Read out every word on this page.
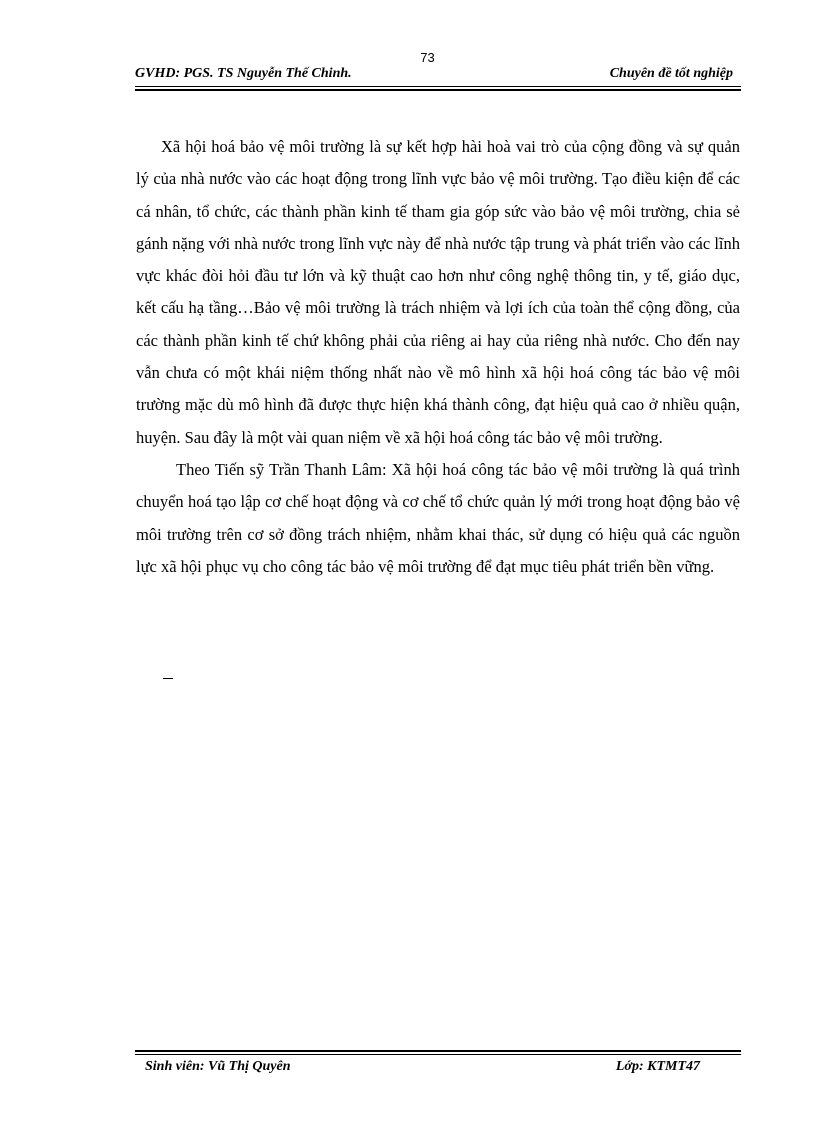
73
GVHD: PGS. TS Nguyễn Thế Chinh.	Chuyên đề tốt nghiệp

Xã hội hoá bảo vệ môi trường là sự kết hợp hài hoà vai trò của cộng đồng và sự quản lý của nhà nước vào các hoạt động trong lĩnh vực bảo vệ môi trường. Tạo điều kiện để các cá nhân, tổ chức, các thành phần kinh tế tham gia góp sức vào bảo vệ môi trường, chia sẻ gánh nặng với nhà nước trong lĩnh vực này để nhà nước tập trung và phát triển vào các lĩnh vực khác đòi hỏi đầu tư lớn và kỹ thuật cao hơn như công nghệ thông tin, y tế, giáo dục, kết cấu hạ tầng…Bảo vệ môi trường là trách nhiệm và lợi ích của toàn thể cộng đồng, của các thành phần kinh tế chứ không phải của riêng ai hay của riêng nhà nước. Cho đến nay vẫn chưa có một khái niệm thống nhất nào về mô hình xã hội hoá công tác bảo vệ môi trường mặc dù mô hình đã được thực hiện khá thành công, đạt hiệu quả cao ở nhiều quận, huyện. Sau đây là một vài quan niệm về xã hội hoá công tác bảo vệ môi trường.

Theo Tiến sỹ Trần Thanh Lâm: Xã hội hoá công tác bảo vệ môi trường là quá trình chuyển hoá tạo lập cơ chế hoạt động và cơ chế tổ chức quản lý mới trong hoạt động bảo vệ môi trường trên cơ sở đồng trách nhiệm, nhằm khai thác, sử dụng có hiệu quả các nguồn lực xã hội phục vụ cho công tác bảo vệ môi trường để đạt mục tiêu phát triển bền vững.

Sinh viên: Vũ Thị Quyên	Lớp: KTMT47
